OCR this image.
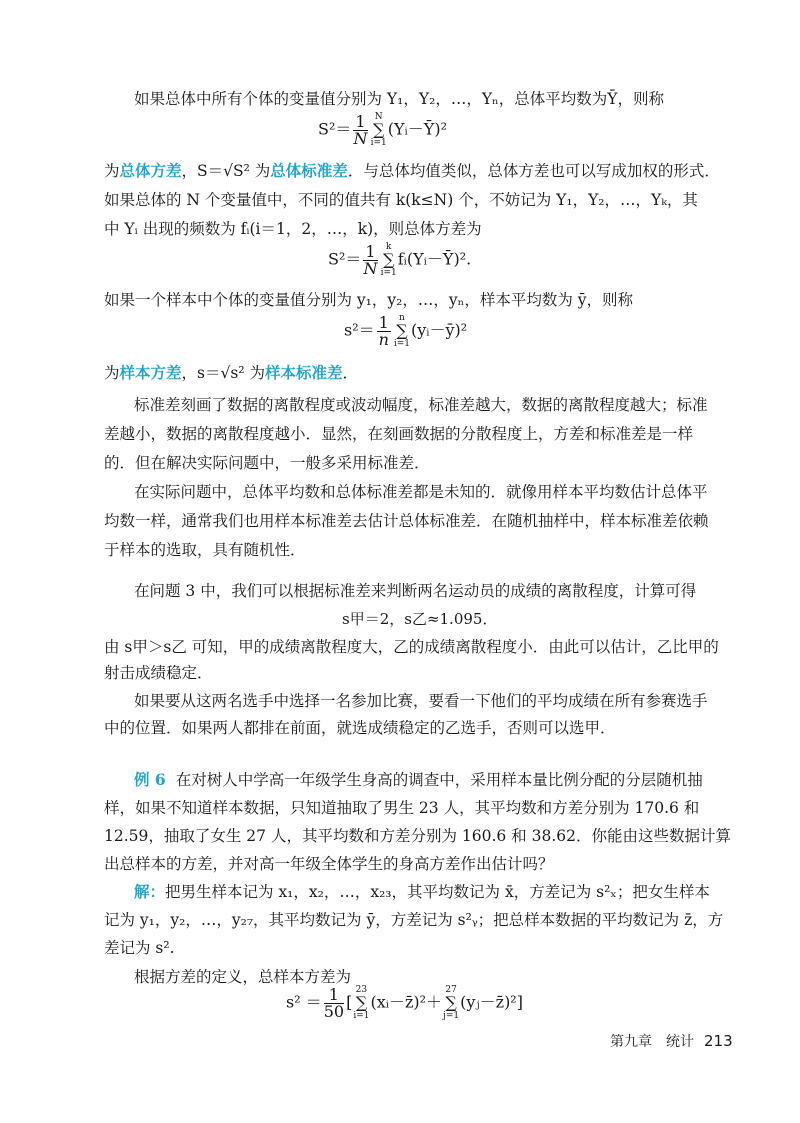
如果总体中所有个体的变量值分别为 Y₁，Y₂，…，Yₙ，总体平均数为Ȳ，则称
$S^2= \frac{1}{N}$ N
∑
i=1(Yᵢ－Ȳ)²
为总体方差，S＝√S² 为总体标准差．与总体均值类似，总体方差也可以写成加权的形式．
如果总体的 N 个变量值中，不同的值共有 k(k≤N) 个，不妨记为 Y₁，Y₂，…，Yₖ，其
中 Yᵢ 出现的频数为 fᵢ(i＝1，2，…，k)，则总体方差为
$S^2= \frac{1}{N}$ k
∑
i=1fᵢ(Yᵢ－Ȳ)².
如果一个样本中个体的变量值分别为 y₁，y₂，…，yₙ，样本平均数为 ȳ，则称
$s^2= \frac{1}{n}$ n
∑
i=1(yᵢ－ȳ)²
为样本方差，s＝√s² 为样本标准差．
标准差刻画了数据的离散程度或波动幅度，标准差越大，数据的离散程度越大；标准
差越小，数据的离散程度越小．显然，在刻画数据的分散程度上，方差和标准差是一样
的．但在解决实际问题中，一般多采用标准差．
在实际问题中，总体平均数和总体标准差都是未知的．就像用样本平均数估计总体平
均数一样，通常我们也用样本标准差去估计总体标准差．在随机抽样中，样本标准差依赖
于样本的选取，具有随机性．
在问题 3 中，我们可以根据标准差来判断两名运动员的成绩的离散程度，计算可得
s甲＝2，s乙≈1.095．
由 s甲＞s乙 可知，甲的成绩离散程度大，乙的成绩离散程度小．由此可以估计，乙比甲的
射击成绩稳定．
如果要从这两名选手中选择一名参加比赛，要看一下他们的平均成绩在所有参赛选手
中的位置．如果两人都排在前面，就选成绩稳定的乙选手，否则可以选甲．
例 6 在对树人中学高一年级学生身高的调查中，采用样本量比例分配的分层随机抽
样，如果不知道样本数据，只知道抽取了男生 23 人，其平均数和方差分别为 170.6 和
12.59，抽取了女生 27 人，其平均数和方差分别为 160.6 和 38.62．你能由这些数据计算
出总样本的方差，并对高一年级全体学生的身高方差作出估计吗？
解：把男生样本记为 x₁，x₂，…，x₂₃，其平均数记为 x̄，方差记为 s²ₓ；把女生样本
记为 y₁，y₂，…，y₂₇，其平均数记为 ȳ，方差记为 s²ᵧ；把总样本数据的平均数记为 z̄，方
差记为 s².
根据方差的定义，总样本方差为
$s^2 = \frac{1}{50} [23$
∑
i=1(xᵢ－z̄)²＋27
∑
j=1(yⱼ－z̄)²]
第九章　统计 213
